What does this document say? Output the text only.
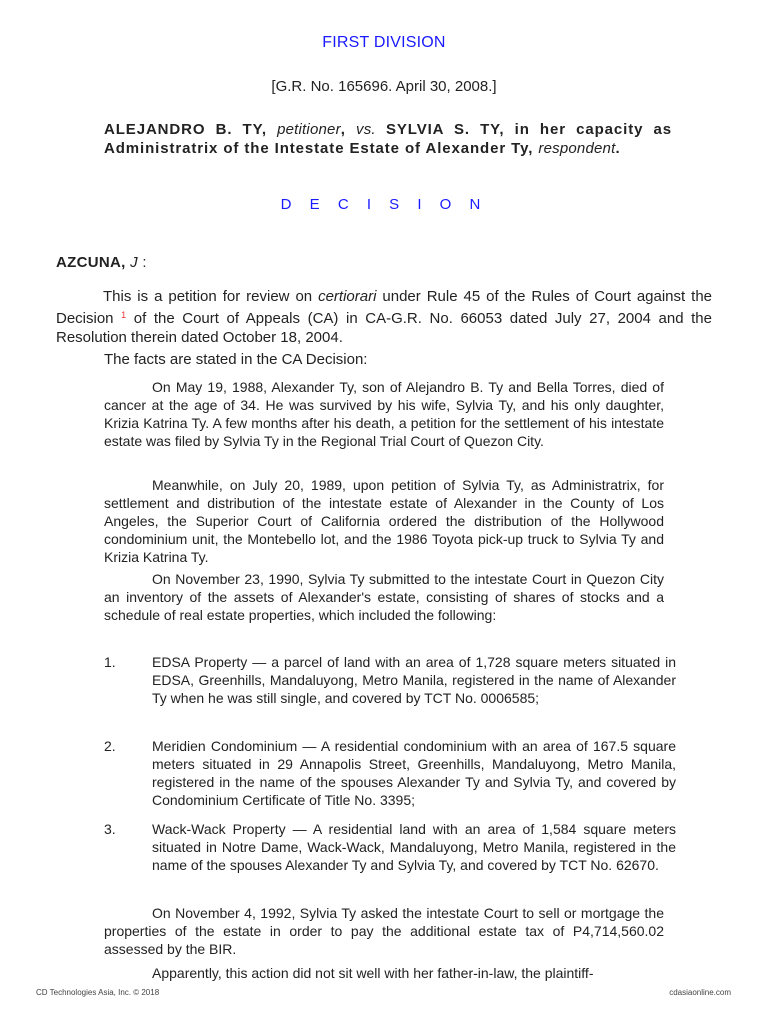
FIRST DIVISION
[G.R. No. 165696. April 30, 2008.]
ALEJANDRO B. TY, petitioner, vs. SYLVIA S. TY, in her capacity as Administratrix of the Intestate Estate of Alexander Ty, respondent.
D E C I S I O N
AZCUNA, J :
This is a petition for review on certiorari under Rule 45 of the Rules of Court against the Decision $^1$ of the Court of Appeals (CA) in CA-G.R. No. 66053 dated July 27, 2004 and the Resolution therein dated October 18, 2004.
The facts are stated in the CA Decision:
On May 19, 1988, Alexander Ty, son of Alejandro B. Ty and Bella Torres, died of cancer at the age of 34. He was survived by his wife, Sylvia Ty, and his only daughter, Krizia Katrina Ty. A few months after his death, a petition for the settlement of his intestate estate was filed by Sylvia Ty in the Regional Trial Court of Quezon City.
Meanwhile, on July 20, 1989, upon petition of Sylvia Ty, as Administratrix, for settlement and distribution of the intestate estate of Alexander in the County of Los Angeles, the Superior Court of California ordered the distribution of the Hollywood condominium unit, the Montebello lot, and the 1986 Toyota pick-up truck to Sylvia Ty and Krizia Katrina Ty.
On November 23, 1990, Sylvia Ty submitted to the intestate Court in Quezon City an inventory of the assets of Alexander's estate, consisting of shares of stocks and a schedule of real estate properties, which included the following:
1.	EDSA Property — a parcel of land with an area of 1,728 square meters situated in EDSA, Greenhills, Mandaluyong, Metro Manila, registered in the name of Alexander Ty when he was still single, and covered by TCT No. 0006585;
2.	Meridien Condominium — A residential condominium with an area of 167.5 square meters situated in 29 Annapolis Street, Greenhills, Mandaluyong, Metro Manila, registered in the name of the spouses Alexander Ty and Sylvia Ty, and covered by Condominium Certificate of Title No. 3395;
3.	Wack-Wack Property — A residential land with an area of 1,584 square meters situated in Notre Dame, Wack-Wack, Mandaluyong, Metro Manila, registered in the name of the spouses Alexander Ty and Sylvia Ty, and covered by TCT No. 62670.
On November 4, 1992, Sylvia Ty asked the intestate Court to sell or mortgage the properties of the estate in order to pay the additional estate tax of P4,714,560.02 assessed by the BIR.
Apparently, this action did not sit well with her father-in-law, the plaintiff-
CD Technologies Asia, Inc. © 2018	cdasiaonline.com
